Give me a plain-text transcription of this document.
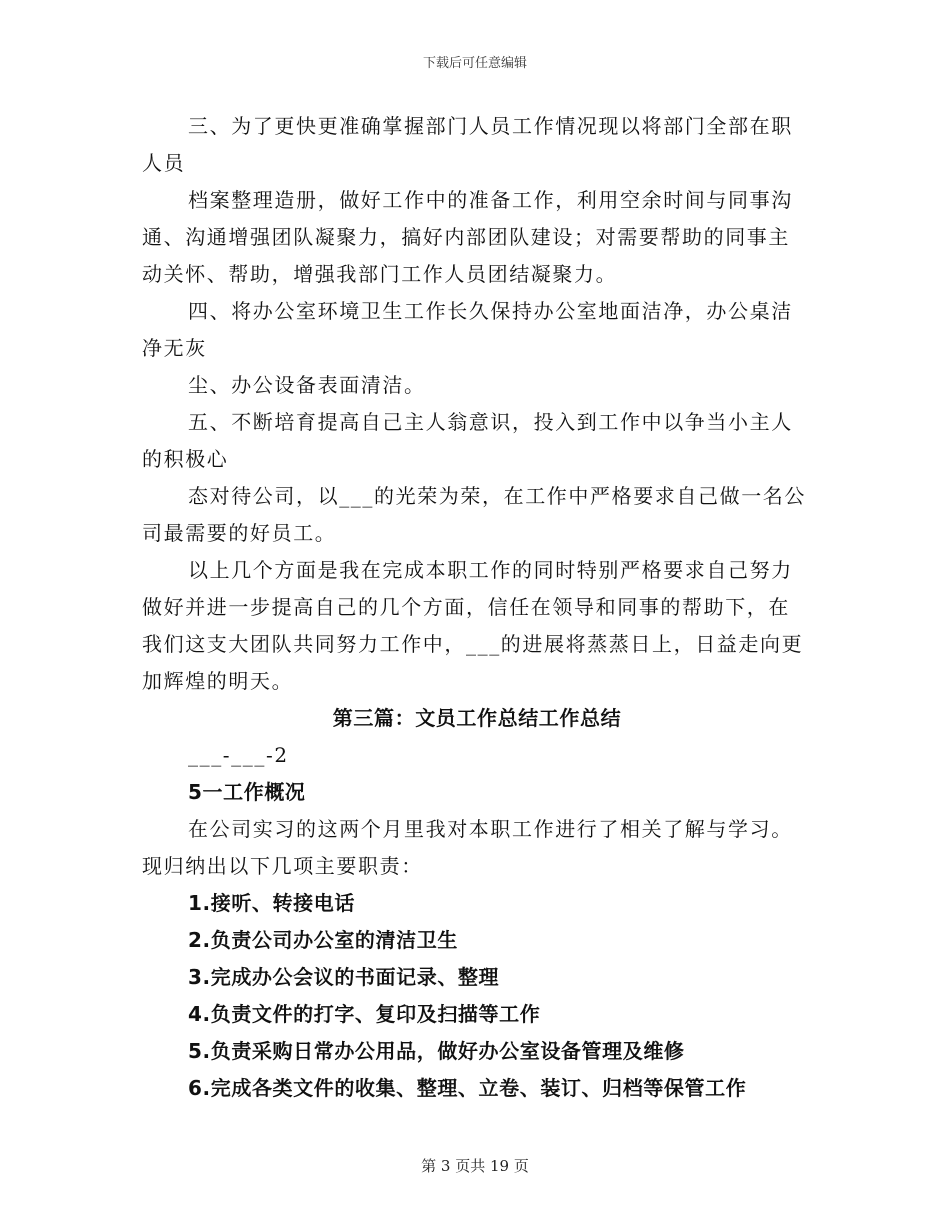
下载后可任意编辑
三、为了更快更准确掌握部门人员工作情况现以将部门全部在职
人员
档案整理造册，做好工作中的准备工作，利用空余时间与同事沟
通、沟通增强团队凝聚力，搞好内部团队建设；对需要帮助的同事主
动关怀、帮助，增强我部门工作人员团结凝聚力。
四、将办公室环境卫生工作长久保持办公室地面洁净，办公桌洁
净无灰
尘、办公设备表面清洁。
五、不断培育提高自己主人翁意识，投入到工作中以争当小主人
的积极心
态对待公司，以___的光荣为荣，在工作中严格要求自己做一名公
司最需要的好员工。
以上几个方面是我在完成本职工作的同时特别严格要求自己努力
做好并进一步提高自己的几个方面，信任在领导和同事的帮助下，在
我们这支大团队共同努力工作中，___的进展将蒸蒸日上，日益走向更
加辉煌的明天。
第三篇：文员工作总结工作总结
___-___-2
5一工作概况
在公司实习的这两个月里我对本职工作进行了相关了解与学习。
现归纳出以下几项主要职责：
1.接听、转接电话
2.负责公司办公室的清洁卫生
3.完成办公会议的书面记录、整理
4.负责文件的打字、复印及扫描等工作
5.负责采购日常办公用品，做好办公室设备管理及维修
6.完成各类文件的收集、整理、立卷、装订、归档等保管工作
第 3 页共 19 页
